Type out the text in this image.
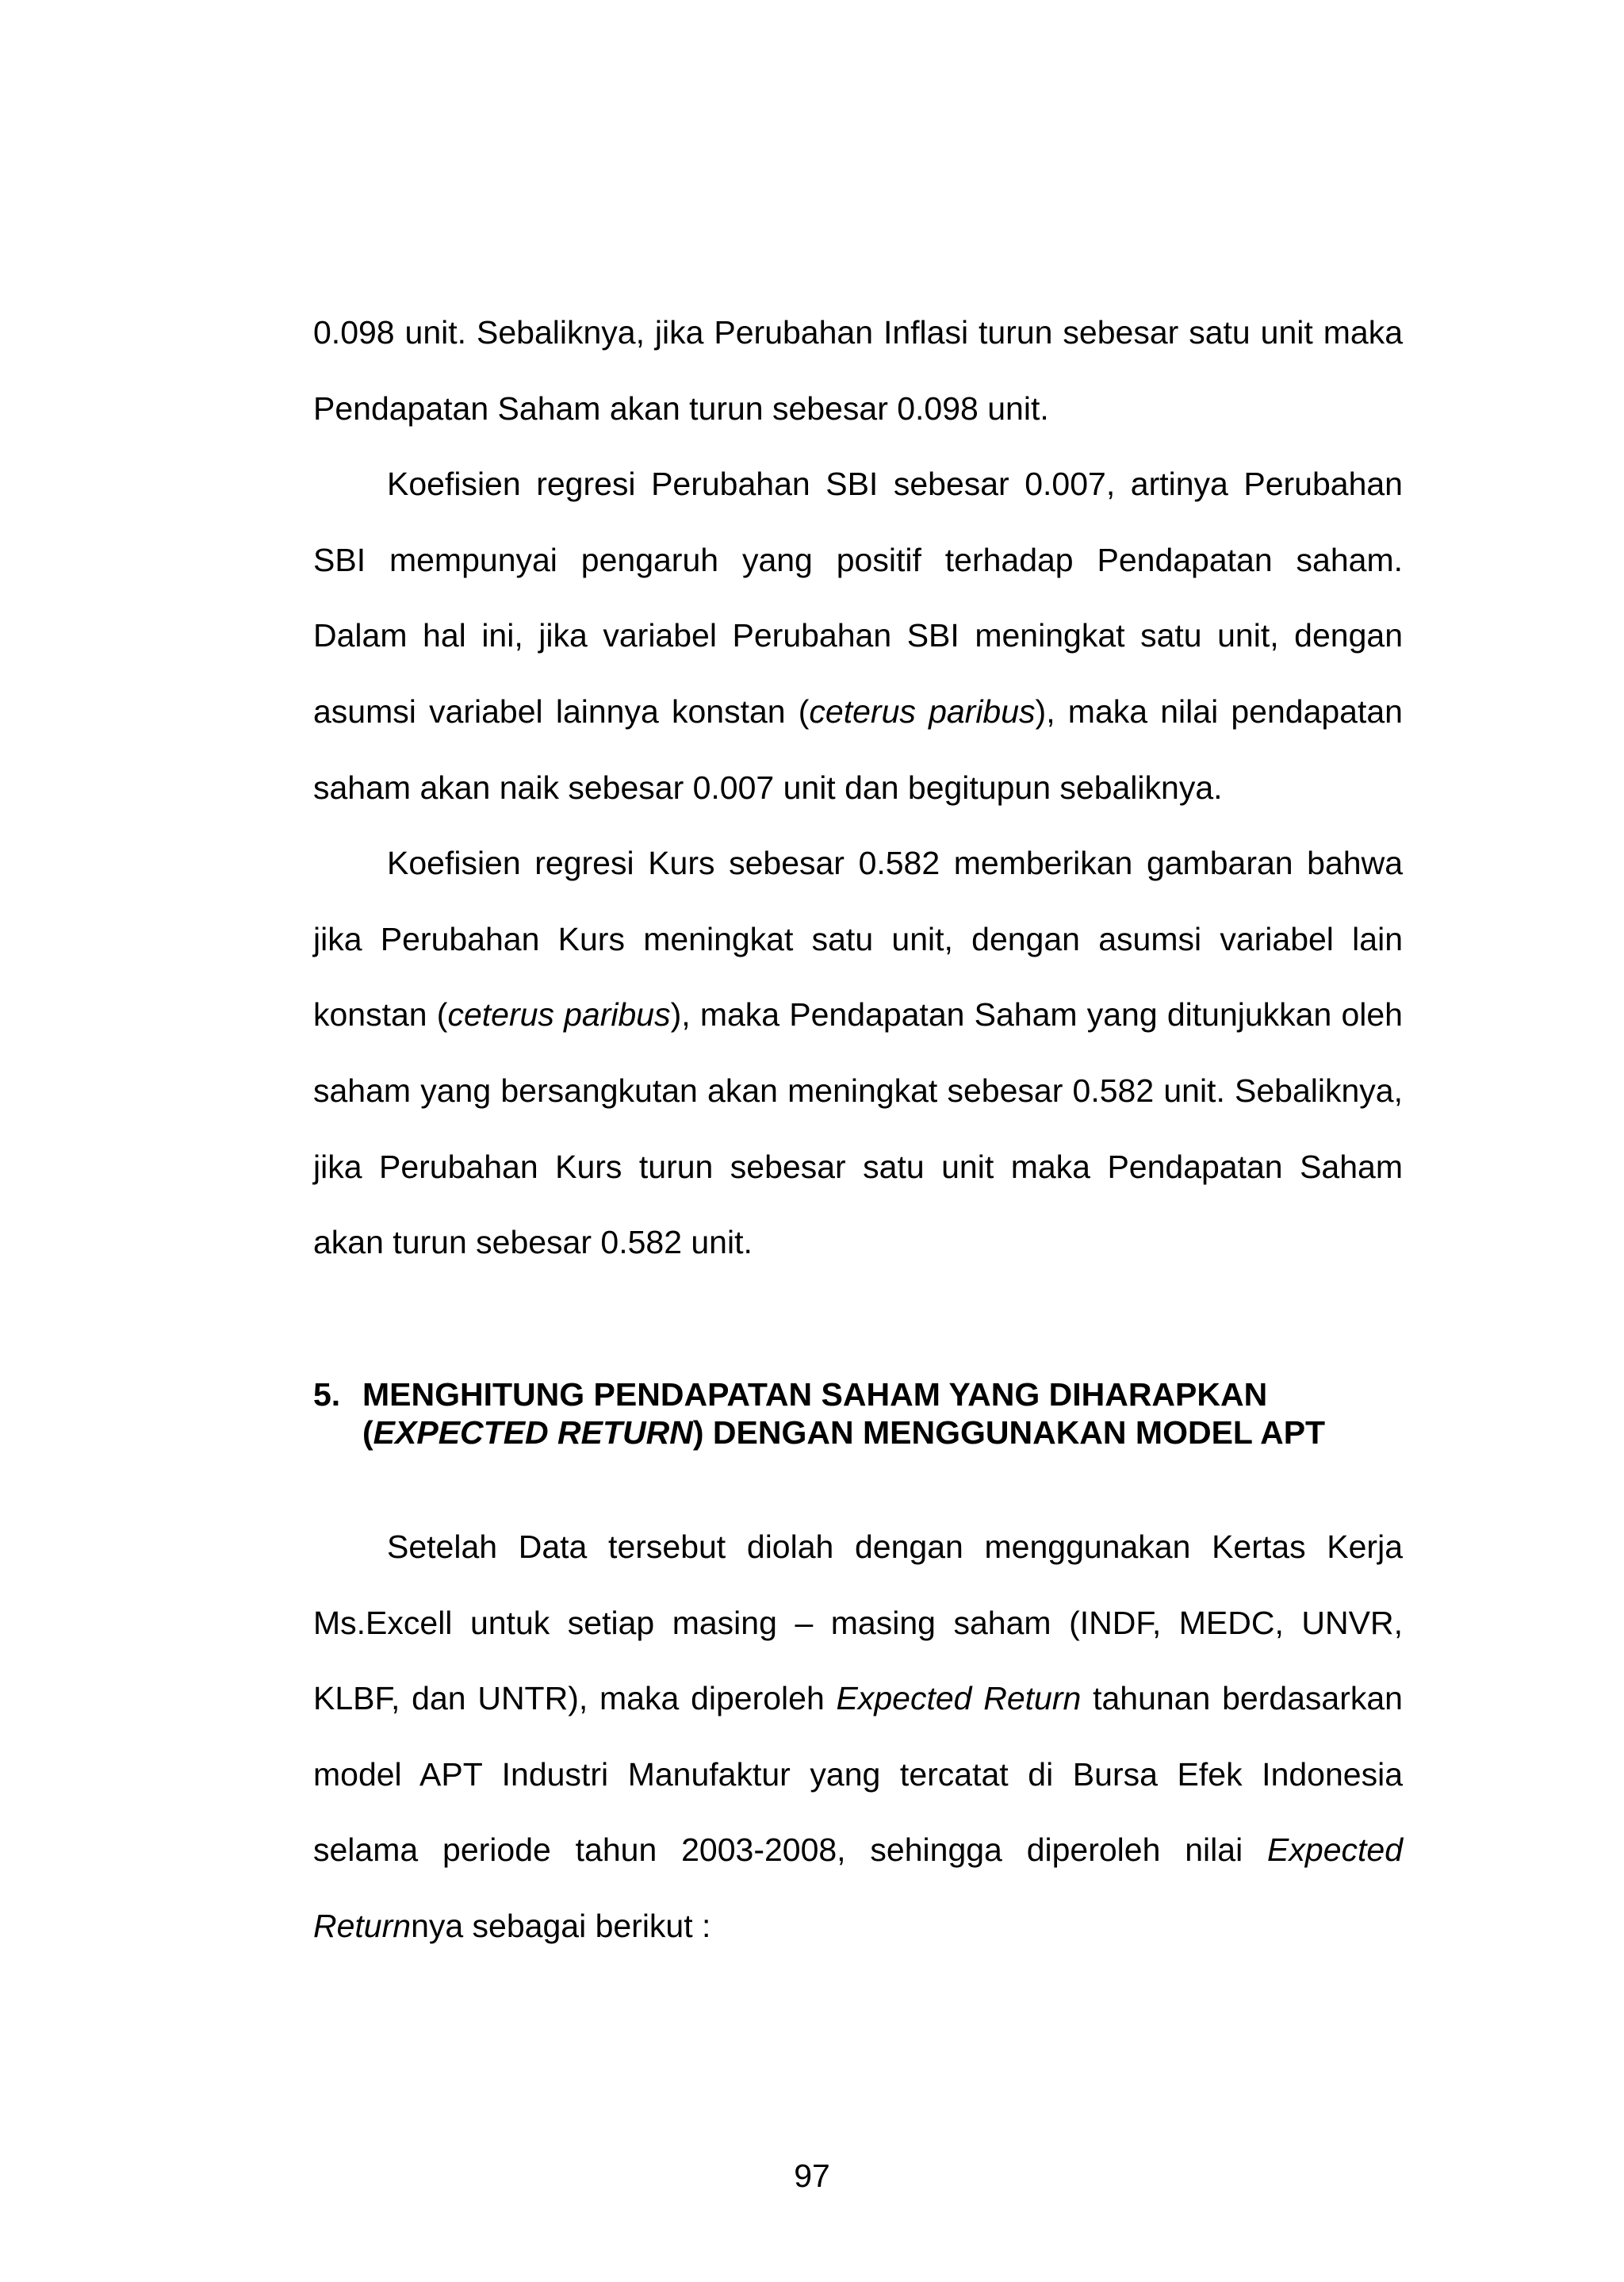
0.098 unit. Sebaliknya, jika Perubahan Inflasi turun sebesar satu unit maka Pendapatan Saham akan turun sebesar 0.098 unit.

Koefisien regresi Perubahan SBI sebesar 0.007, artinya Perubahan SBI mempunyai pengaruh yang positif terhadap Pendapatan saham. Dalam hal ini, jika variabel Perubahan SBI meningkat satu unit, dengan asumsi variabel lainnya konstan (ceterus paribus), maka nilai pendapatan saham akan naik sebesar 0.007 unit dan begitupun sebaliknya.

Koefisien regresi Kurs sebesar 0.582 memberikan gambaran bahwa jika Perubahan Kurs meningkat satu unit, dengan asumsi variabel lain konstan (ceterus paribus), maka Pendapatan Saham yang ditunjukkan oleh saham yang bersangkutan akan meningkat sebesar 0.582 unit. Sebaliknya, jika Perubahan Kurs turun sebesar satu unit maka Pendapatan Saham akan turun sebesar 0.582 unit.

5. MENGHITUNG PENDAPATAN SAHAM YANG DIHARAPKAN
(EXPECTED RETURN) DENGAN MENGGUNAKAN MODEL APT

Setelah Data tersebut diolah dengan menggunakan Kertas Kerja Ms.Excell untuk setiap masing – masing saham (INDF, MEDC, UNVR, KLBF, dan UNTR), maka diperoleh Expected Return tahunan berdasarkan model APT Industri Manufaktur yang tercatat di Bursa Efek Indonesia selama periode tahun 2003-2008, sehingga diperoleh nilai Expected Returnnya sebagai berikut :

97
